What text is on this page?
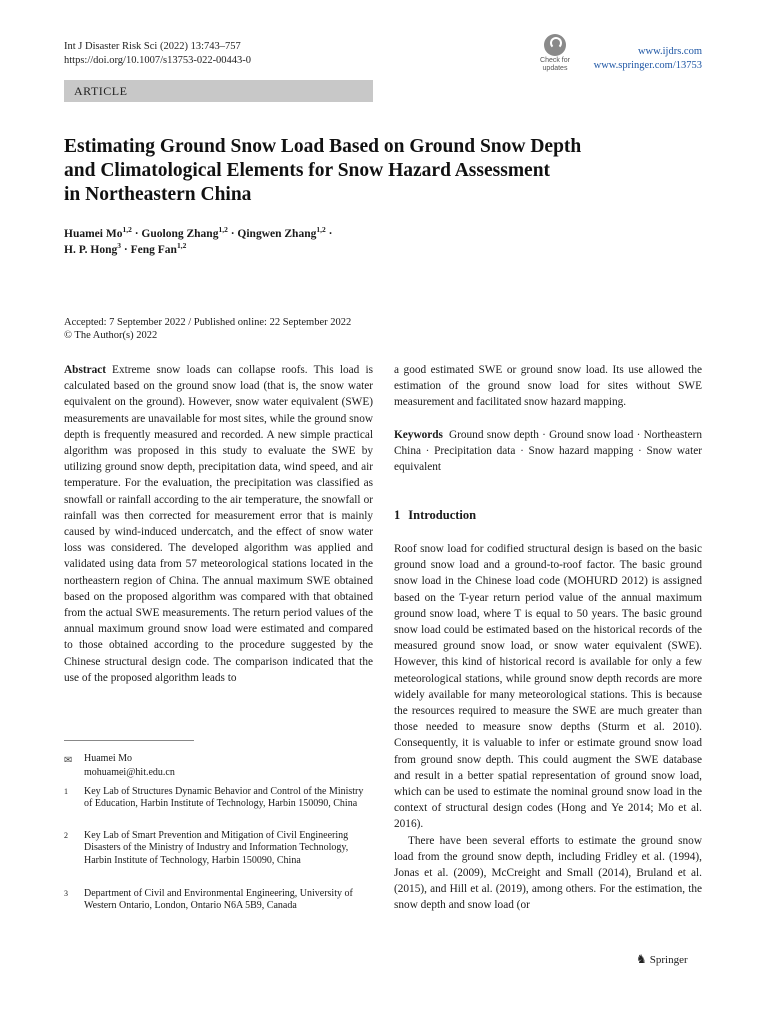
Int J Disaster Risk Sci (2022) 13:743–757
https://doi.org/10.1007/s13753-022-00443-0	Check for
updates
www.ijdrs.com
www.springer.com/13753
ARTICLE
Estimating Ground Snow Load Based on Ground Snow Depth
and Climatological Elements for Snow Hazard Assessment
in Northeastern China
Huamei Mo$^{1,2}$ · Guolong Zhang$^{1,2}$ · Qingwen Zhang$^{1,2}$ ·
H. P. Hong$^3$ · Feng Fan$^{1,2}$
Accepted: 7 September 2022 / Published online: 22 September 2022
© The Author(s) 2022

Abstract Extreme snow loads can collapse roofs. This load is calculated based on the ground snow load (that is, the snow water equivalent on the ground). However, snow water equivalent (SWE) measurements are unavailable for most sites, while the ground snow depth is frequently measured and recorded. A new simple practical algorithm was proposed in this study to evaluate the SWE by utilizing ground snow depth, precipitation data, wind speed, and air temperature. For the evaluation, the precipitation was classified as snowfall or rainfall according to the air temperature, the snowfall or rainfall was then corrected for measurement error that is mainly caused by wind-induced undercatch, and the effect of snow water loss was considered. The developed algorithm was applied and validated using data from 57 meteorological stations located in the northeastern region of China. The annual maximum SWE obtained based on the proposed algorithm was compared with that obtained from the actual SWE measurements. The return period values of the annual maximum ground snow load were estimated and compared to those obtained according to the procedure suggested by the Chinese structural design code. The comparison indicated that the use of the proposed algorithm leads to

a good estimated SWE or ground snow load. Its use allowed the estimation of the ground snow load for sites without SWE measurement and facilitated snow hazard mapping.

Keywords Ground snow depth · Ground snow load · Northeastern China · Precipitation data · Snow hazard mapping · Snow water equivalent

1 Introduction

Roof snow load for codified structural design is based on the basic ground snow load and a ground-to-roof factor. The basic ground snow load in the Chinese load code (MOHURD 2012) is assigned based on the T-year return period value of the annual maximum ground snow load, where T is equal to 50 years. The basic ground snow load could be estimated based on the historical records of the measured ground snow load, or snow water equivalent (SWE). However, this kind of historical record is available for only a few meteorological stations, while ground snow depth records are more widely available for many meteorological stations. This is because the resources required to measure the SWE are much greater than those needed to measure snow depths (Sturm et al. 2010). Consequently, it is valuable to infer or estimate ground snow load from ground snow depth. This could augment the SWE database and result in a better spatial representation of ground snow load, which can be used to estimate the nominal ground snow load in the context of structural design codes (Hong and Ye 2014; Mo et al. 2016).

There have been several efforts to estimate the ground snow load from the ground snow depth, including Fridley et al. (1994), Jonas et al. (2009), McCreight and Small (2014), Bruland et al. (2015), and Hill et al. (2019), among others. For the estimation, the snow depth and snow load (or

✉ Huamei Mo
mohuamei@hit.edu.cn
1 Key Lab of Structures Dynamic Behavior and Control of the Ministry of Education, Harbin Institute of Technology, Harbin 150090, China
2 Key Lab of Smart Prevention and Mitigation of Civil Engineering Disasters of the Ministry of Industry and Information Technology, Harbin Institute of Technology, Harbin 150090, China
3 Department of Civil and Environmental Engineering, University of Western Ontario, London, Ontario N6A 5B9, Canada
♞ Springer
